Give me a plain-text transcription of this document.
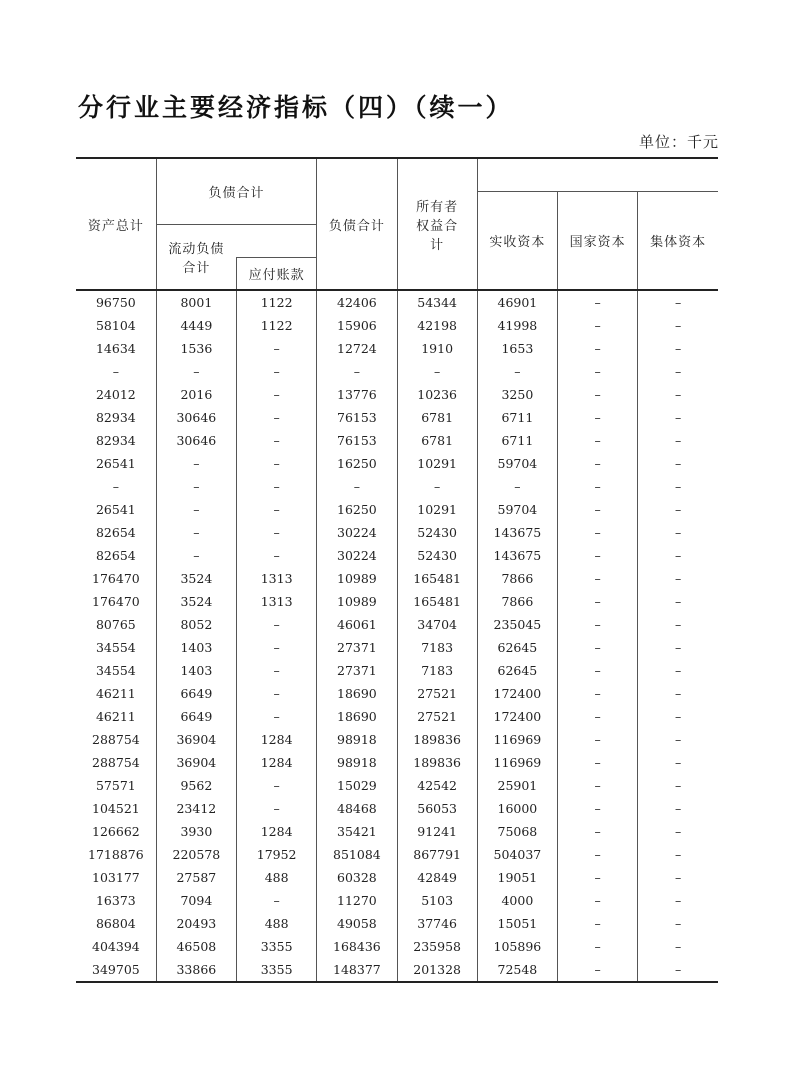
分行业主要经济指标（四）（续一）
单位：千元
资产总计	负债合计		负债合计	所有者权益合计			
					实收资本	国家资本	集体资本
	流动负债合计						
		应付账款					
96750	8001	1122	42406	54344	46901	–	–
58104	4449	1122	15906	42198	41998	–	–
14634	1536	–	12724	1910	1653	–	–
–	–	–	–	–	–	–	–
24012	2016	–	13776	10236	3250	–	–
82934	30646	–	76153	6781	6711	–	–
82934	30646	–	76153	6781	6711	–	–
26541	–	–	16250	10291	59704	–	–
–	–	–	–	–	–	–	–
26541	–	–	16250	10291	59704	–	–
82654	–	–	30224	52430	143675	–	–
82654	–	–	30224	52430	143675	–	–
176470	3524	1313	10989	165481	7866	–	–
176470	3524	1313	10989	165481	7866	–	–
80765	8052	–	46061	34704	235045	–	–
34554	1403	–	27371	7183	62645	–	–
34554	1403	–	27371	7183	62645	–	–
46211	6649	–	18690	27521	172400	–	–
46211	6649	–	18690	27521	172400	–	–
288754	36904	1284	98918	189836	116969	–	–
288754	36904	1284	98918	189836	116969	–	–
57571	9562	–	15029	42542	25901	–	–
104521	23412	–	48468	56053	16000	–	–
126662	3930	1284	35421	91241	75068	–	–
1718876	220578	17952	851084	867791	504037	–	–
103177	27587	488	60328	42849	19051	–	–
16373	7094	–	11270	5103	4000	–	–
86804	20493	488	49058	37746	15051	–	–
404394	46508	3355	168436	235958	105896	–	–
349705	33866	3355	148377	201328	72548	–	–
